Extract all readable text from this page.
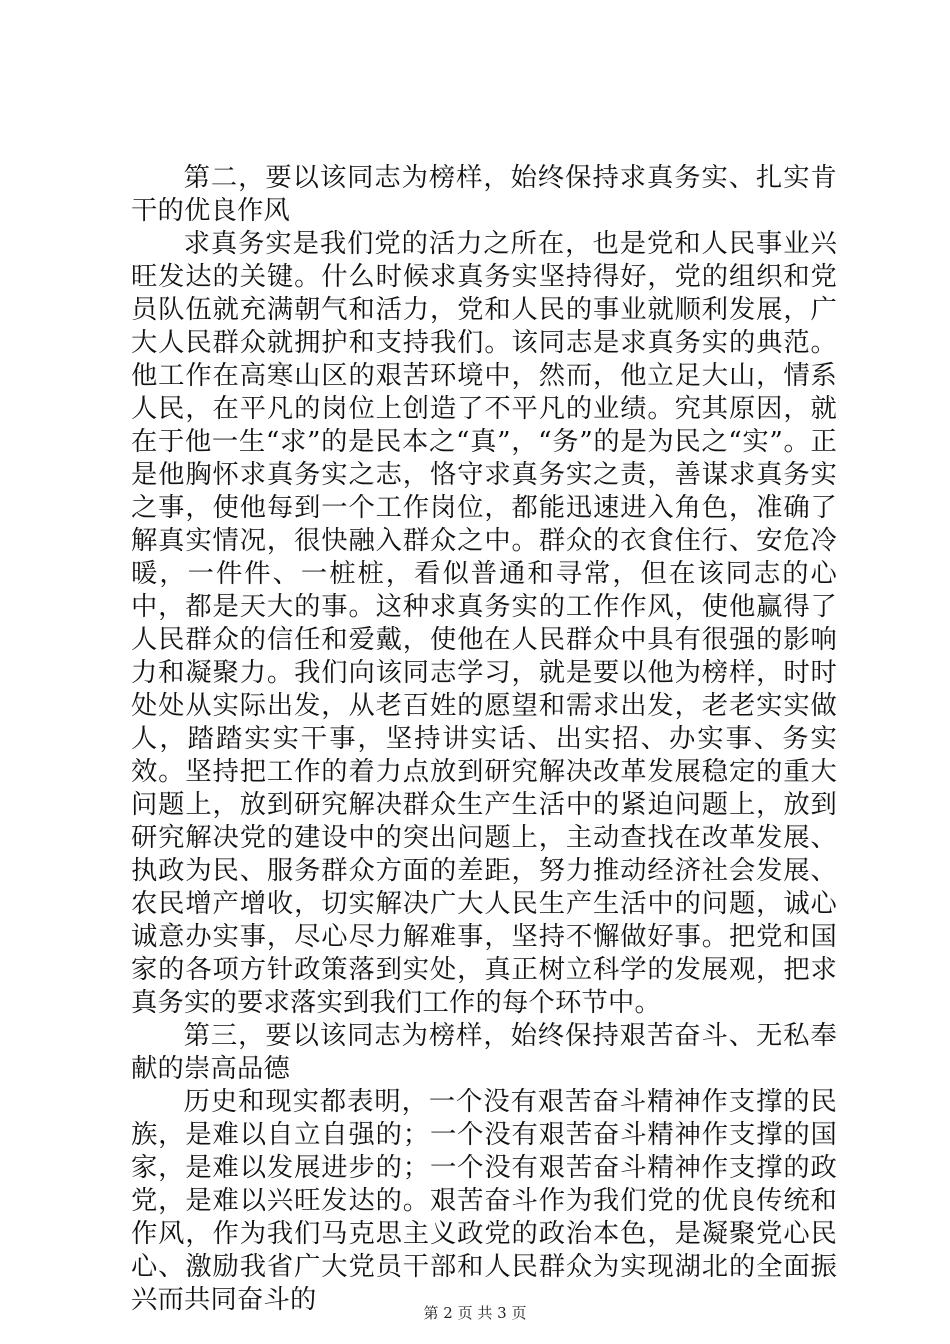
第二，要以该同志为榜样，始终保持求真务实、扎实肯干的优良作风

求真务实是我们党的活力之所在，也是党和人民事业兴旺发达的关键。什么时候求真务实坚持得好，党的组织和党员队伍就充满朝气和活力，党和人民的事业就顺利发展，广大人民群众就拥护和支持我们。该同志是求真务实的典范。他工作在高寒山区的艰苦环境中，然而，他立足大山，情系人民，在平凡的岗位上创造了不平凡的业绩。究其原因，就在于他一生“求”的是民本之“真”，“务”的是为民之“实”。正是他胸怀求真务实之志，恪守求真务实之责，善谋求真务实之事，使他每到一个工作岗位，都能迅速进入角色，准确了解真实情况，很快融入群众之中。群众的衣食住行、安危冷暖，一件件、一桩桩，看似普通和寻常，但在该同志的心中，都是天大的事。这种求真务实的工作作风，使他赢得了人民群众的信任和爱戴，使他在人民群众中具有很强的影响力和凝聚力。我们向该同志学习，就是要以他为榜样，时时处处从实际出发，从老百姓的愿望和需求出发，老老实实做人，踏踏实实干事，坚持讲实话、出实招、办实事、务实效。坚持把工作的着力点放到研究解决改革发展稳定的重大问题上，放到研究解决群众生产生活中的紧迫问题上，放到研究解决党的建设中的突出问题上，主动查找在改革发展、执政为民、服务群众方面的差距，努力推动经济社会发展、农民增产增收，切实解决广大人民生产生活中的问题，诚心诚意办实事，尽心尽力解难事，坚持不懈做好事。把党和国家的各项方针政策落到实处，真正树立科学的发展观，把求真务实的要求落实到我们工作的每个环节中。

第三，要以该同志为榜样，始终保持艰苦奋斗、无私奉献的崇高品德

历史和现实都表明，一个没有艰苦奋斗精神作支撑的民族，是难以自立自强的；一个没有艰苦奋斗精神作支撑的国家，是难以发展进步的；一个没有艰苦奋斗精神作支撑的政党，是难以兴旺发达的。艰苦奋斗作为我们党的优良传统和作风，作为我们马克思主义政党的政治本色，是凝聚党心民心、激励我省广大党员干部和人民群众为实现湖北的全面振兴而共同奋斗的	第 2 页 共 3 页
